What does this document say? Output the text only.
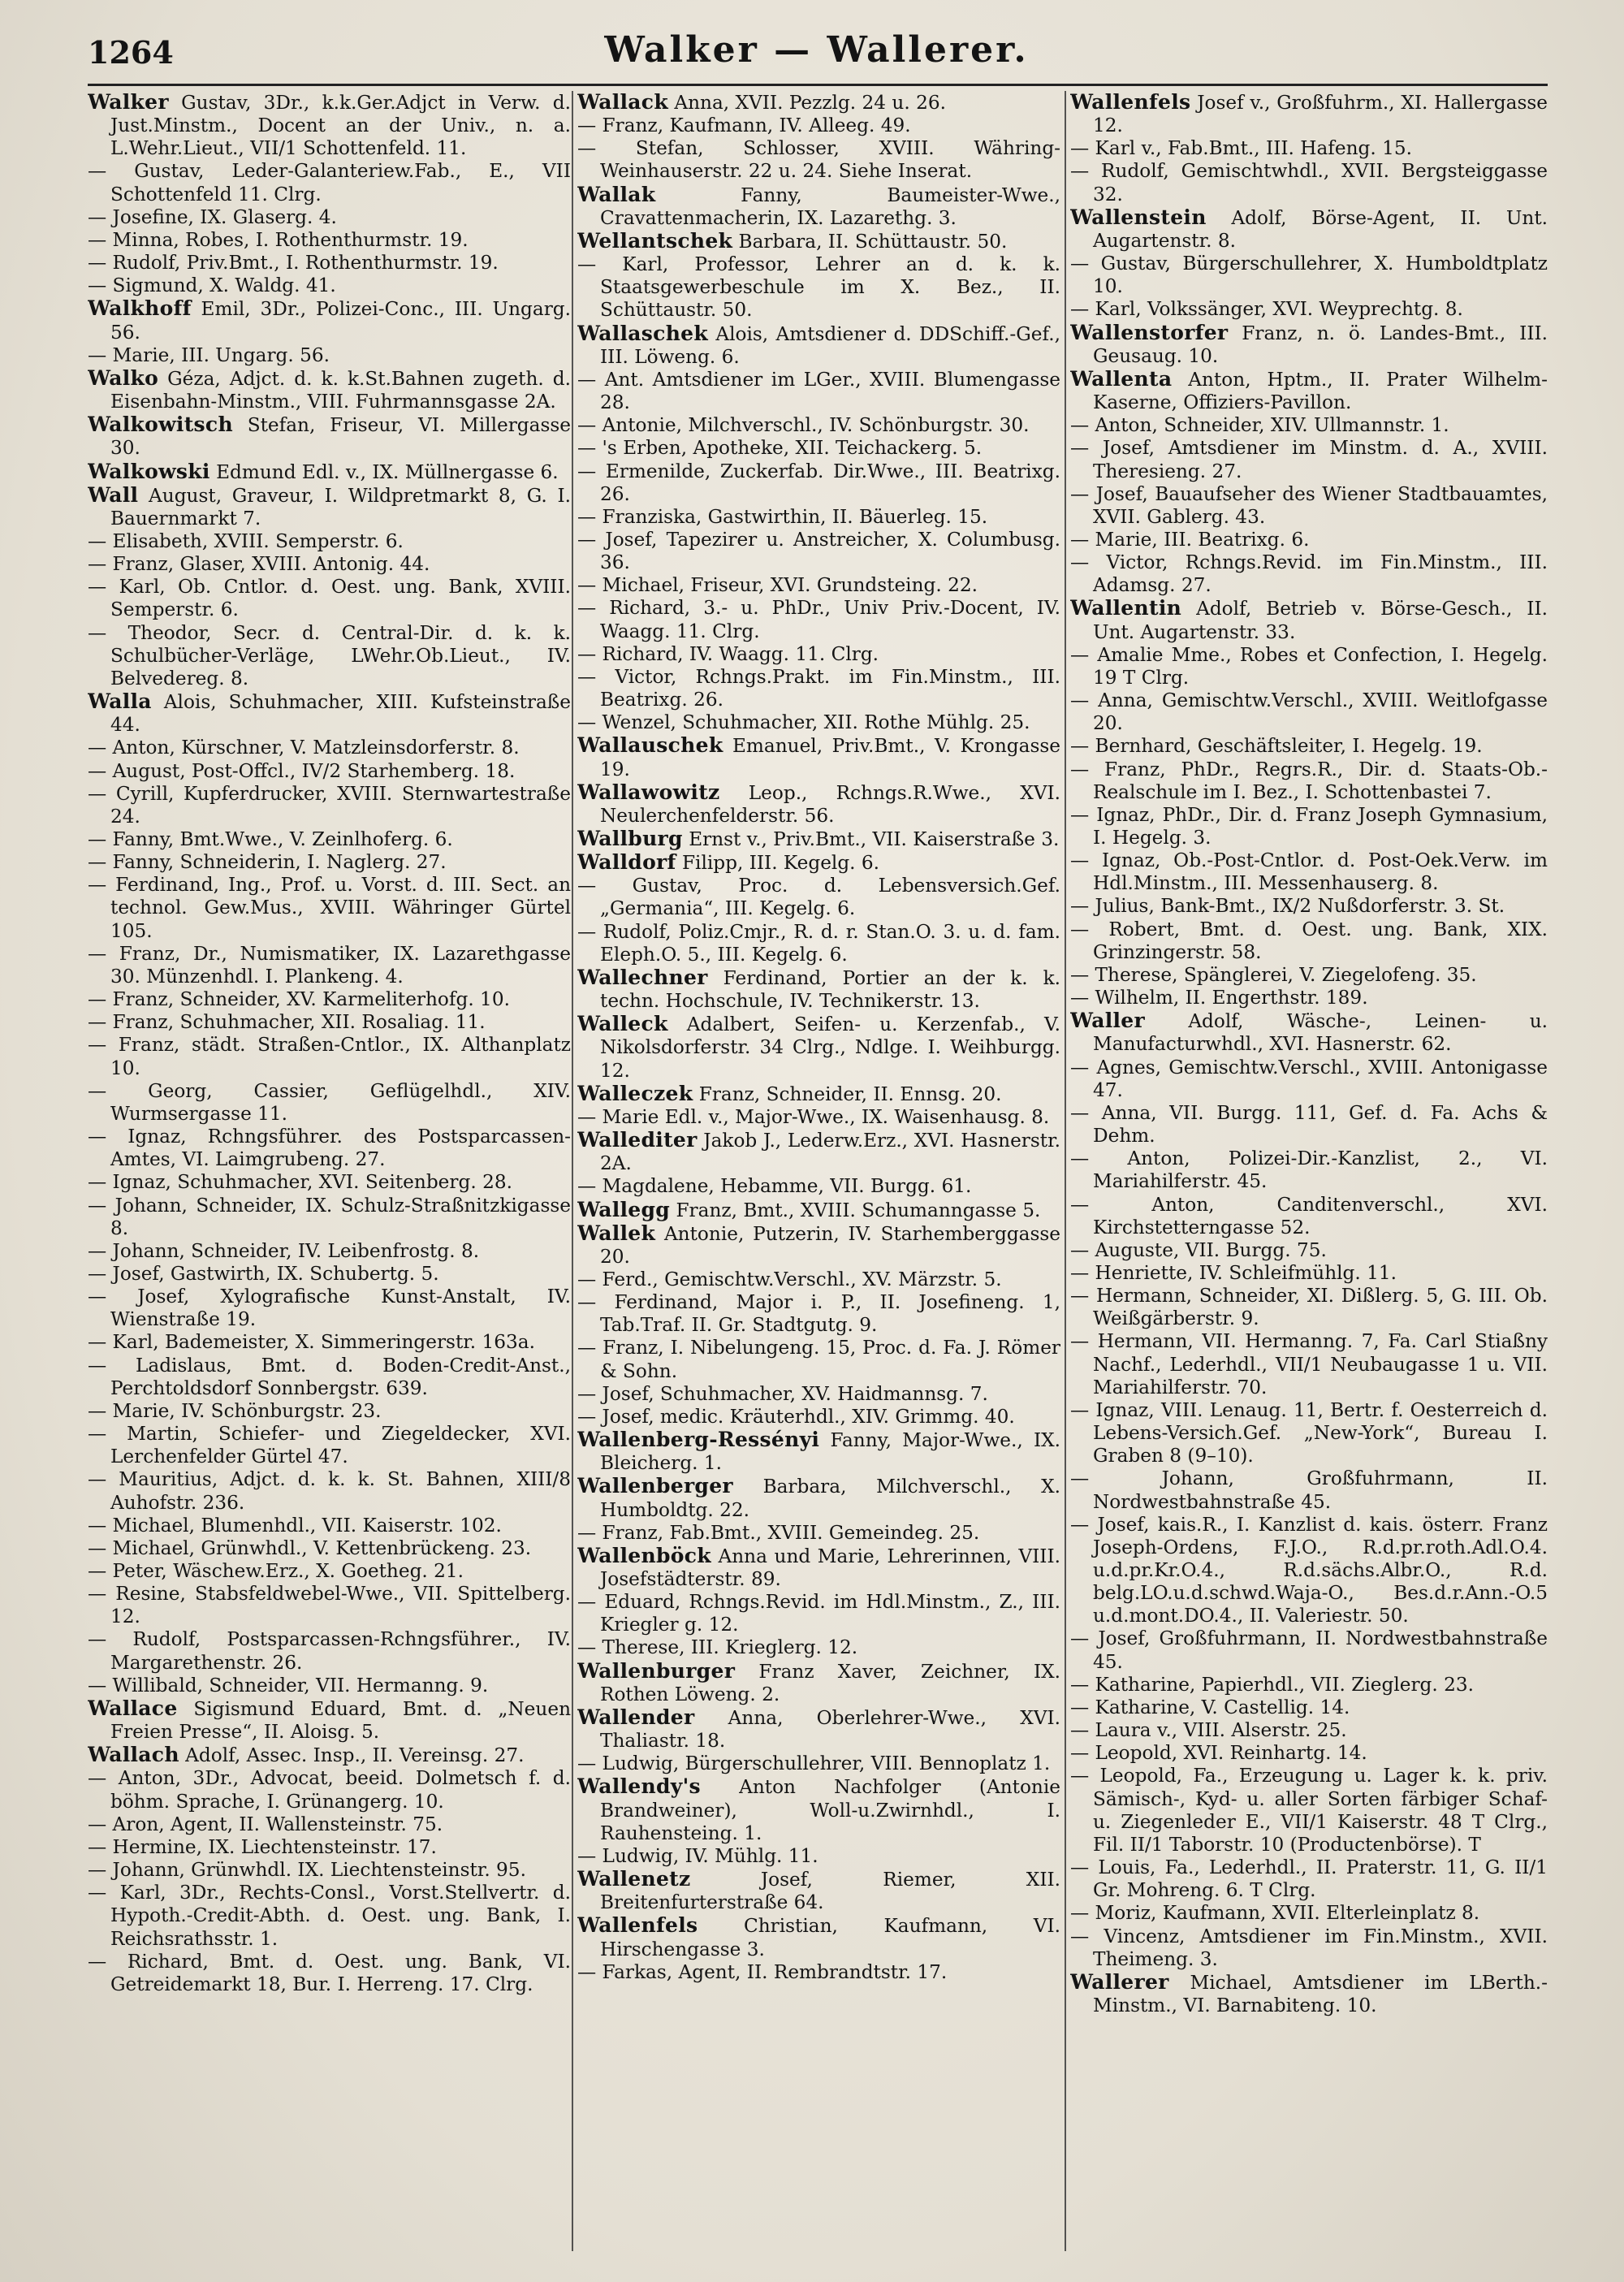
1264	Walker — Wallerer.

Walker Gustav, 3Dr., k.k.Ger.Adjct in Verw. d. Just.Minstm., Docent an der Univ., n. a. L.Wehr.Lieut., VII/1 Schottenfeld. 11.

— Gustav, Leder-Galanteriew.Fab., E., VII Schottenfeld 11. Clrg.

— Josefine, IX. Glaserg. 4.

— Minna, Robes, I. Rothenthurmstr. 19.

— Rudolf, Priv.Bmt., I. Rothenthurmstr. 19.

— Sigmund, X. Waldg. 41.

Walkhoff Emil, 3Dr., Polizei-Conc., III. Ungarg. 56.

— Marie, III. Ungarg. 56.

Walko Géza, Adjct. d. k. k.St.Bahnen zugeth. d. Eisenbahn-Minstm., VIII. Fuhrmannsgasse 2A.

Walkowitsch Stefan, Friseur, VI. Millergasse 30.

Walkowski Edmund Edl. v., IX. Müllnergasse 6.

Wall August, Graveur, I. Wildpretmarkt 8, G. I. Bauernmarkt 7.

— Elisabeth, XVIII. Semperstr. 6.

— Franz, Glaser, XVIII. Antonig. 44.

— Karl, Ob. Cntlor. d. Oest. ung. Bank, XVIII. Semperstr. 6.

— Theodor, Secr. d. Central-Dir. d. k. k. Schulbücher-Verläge, LWehr.Ob.Lieut., IV. Belvedereg. 8.

Walla Alois, Schuhmacher, XIII. Kufsteinstraße 44.

— Anton, Kürschner, V. Matzleinsdorferstr. 8.

— August, Post-Offcl., IV/2 Starhemberg. 18.

— Cyrill, Kupferdrucker, XVIII. Sternwartestraße 24.

— Fanny, Bmt.Wwe., V. Zeinlhoferg. 6.

— Fanny, Schneiderin, I. Naglerg. 27.

— Ferdinand, Ing., Prof. u. Vorst. d. III. Sect. an technol. Gew.Mus., XVIII. Währinger Gürtel 105.

— Franz, Dr., Numismatiker, IX. Lazarethgasse 30. Münzenhdl. I. Plankeng. 4.

— Franz, Schneider, XV. Karmeliterhofg. 10.

— Franz, Schuhmacher, XII. Rosaliag. 11.

— Franz, städt. Straßen-Cntlor., IX. Althanplatz 10.

— Georg, Cassier, Geflügelhdl., XIV. Wurmsergasse 11.

— Ignaz, Rchngsführer. des Postsparcassen-Amtes, VI. Laimgrubeng. 27.

— Ignaz, Schuhmacher, XVI. Seitenberg. 28.

— Johann, Schneider, IX. Schulz-Straßnitzkigasse 8.

— Johann, Schneider, IV. Leibenfrostg. 8.

— Josef, Gastwirth, IX. Schubertg. 5.

— Josef, Xylografische Kunst-Anstalt, IV. Wienstraße 19.

— Karl, Bademeister, X. Simmeringerstr. 163a.

— Ladislaus, Bmt. d. Boden-Credit-Anst., Perchtoldsdorf Sonnbergstr. 639.

— Marie, IV. Schönburgstr. 23.

— Martin, Schiefer- und Ziegeldecker, XVI. Lerchenfelder Gürtel 47.

— Mauritius, Adjct. d. k. k. St. Bahnen, XIII/8 Auhofstr. 236.

— Michael, Blumenhdl., VII. Kaiserstr. 102.

— Michael, Grünwhdl., V. Kettenbrückeng. 23.

— Peter, Wäschew.Erz., X. Goetheg. 21.

— Resine, Stabsfeldwebel-Wwe., VII. Spittelberg. 12.

— Rudolf, Postsparcassen-Rchngsführer., IV. Margarethenstr. 26.

— Willibald, Schneider, VII. Hermanng. 9.

Wallace Sigismund Eduard, Bmt. d. „Neuen Freien Presse“, II. Aloisg. 5.

Wallach Adolf, Assec. Insp., II. Vereinsg. 27.

— Anton, 3Dr., Advocat, beeid. Dolmetsch f. d. böhm. Sprache, I. Grünangerg. 10.

— Aron, Agent, II. Wallensteinstr. 75.

— Hermine, IX. Liechtensteinstr. 17.

— Johann, Grünwhdl. IX. Liechtensteinstr. 95.

— Karl, 3Dr., Rechts-Consl., Vorst.Stellvertr. d. Hypoth.-Credit-Abth. d. Oest. ung. Bank, I. Reichsrathsstr. 1.

— Richard, Bmt. d. Oest. ung. Bank, VI. Getreidemarkt 18, Bur. I. Herreng. 17. Clrg.

Wallack Anna, XVII. Pezzlg. 24 u. 26.

— Franz, Kaufmann, IV. Alleeg. 49.

— Stefan, Schlosser, XVIII. Währing-Weinhauserstr. 22 u. 24. Siehe Inserat.

Wallak	Fanny, Baumeister-Wwe., Cravattenmacherin, IX. Lazarethg. 3.

Wellantschek Barbara, II. Schüttaustr. 50.

— Karl, Professor, Lehrer an d. k. k. Staatsgewerbeschule im X. Bez., II. Schüttaustr. 50.

Wallaschek Alois, Amtsdiener d. DDSchiff.-Gef., III. Löweng. 6.

— Ant. Amtsdiener im LGer., XVIII. Blumengasse 28.

— Antonie, Milchverschl., IV. Schönburgstr. 30.

— 's Erben, Apotheke, XII. Teichackerg. 5.

— Ermenilde, Zuckerfab. Dir.Wwe., III. Beatrixg. 26.

— Franziska, Gastwirthin, II. Bäuerleg. 15.

— Josef, Tapezirer u. Anstreicher, X. Columbusg. 36.

— Michael, Friseur, XVI. Grundsteing. 22.

— Richard, 3.- u. PhDr., Univ Priv.-Docent, IV. Waagg. 11. Clrg.

— Richard, IV. Waagg. 11. Clrg.

— Victor, Rchngs.Prakt. im Fin.Minstm., III. Beatrixg. 26.

— Wenzel, Schuhmacher, XII. Rothe Mühlg. 25.

Wallauschek Emanuel, Priv.Bmt., V. Krongasse 19.

Wallawowitz Leop., Rchngs.R.Wwe., XVI. Neulerchenfelderstr. 56.

Wallburg Ernst v., Priv.Bmt., VII. Kaiserstraße 3.

Walldorf Filipp, III. Kegelg. 6.

— Gustav, Proc. d. Lebensversich.Gef. „Germania“, III. Kegelg. 6.

— Rudolf, Poliz.Cmjr., R. d. r. Stan.O. 3. u. d. fam. Eleph.O. 5., III. Kegelg. 6.

Wallechner Ferdinand, Portier an der k. k. techn. Hochschule, IV. Technikerstr. 13.

Walleck Adalbert, Seifen- u. Kerzenfab., V. Nikolsdorferstr. 34 Clrg., Ndlge. I. Weihburgg. 12.

Walleczek Franz, Schneider, II. Ennsg. 20.

— Marie Edl. v., Major-Wwe., IX. Waisenhausg. 8.

Wallediter Jakob J., Lederw.Erz., XVI. Hasnerstr. 2A.

— Magdalene, Hebamme, VII. Burgg. 61.

Wallegg Franz, Bmt., XVIII. Schumanngasse 5.

Wallek Antonie, Putzerin, IV. Starhemberggasse 20.

— Ferd., Gemischtw.Verschl., XV. Märzstr. 5.

— Ferdinand, Major i. P., II. Josefineng. 1, Tab.Traf. II. Gr. Stadtgutg. 9.

— Franz, I. Nibelungeng. 15, Proc. d. Fa. J. Römer & Sohn.

— Josef, Schuhmacher, XV. Haidmannsg. 7.

— Josef, medic. Kräuterhdl., XIV. Grimmg. 40.

Wallenberg-Ressényi Fanny, Major-Wwe., IX. Bleicherg. 1.

Wallenberger Barbara, Milchverschl., X. Humboldtg. 22.

— Franz, Fab.Bmt., XVIII. Gemeindeg. 25.

Wallenböck Anna und Marie, Lehrerinnen, VIII. Josefstädterstr. 89.

— Eduard, Rchngs.Revid. im Hdl.Minstm., Z., III. Kriegler g. 12.

— Therese, III. Krieglerg. 12.

Wallenburger Franz Xaver, Zeichner, IX. Rothen Löweng. 2.

Wallender Anna, Oberlehrer-Wwe., XVI. Thaliastr. 18.

— Ludwig, Bürgerschullehrer, VIII. Bennoplatz 1.

Wallendy's Anton Nachfolger (Antonie Brandweiner), Woll-u.Zwirnhdl., I. Rauhensteing. 1.

— Ludwig, IV. Mühlg. 11.

Wallenetz	Josef, Riemer, XII. Breitenfurterstraße 64.

Wallenfels Christian, Kaufmann, VI. Hirschengasse 3.

— Farkas, Agent, II. Rembrandtstr. 17.

Wallenfels Josef v., Großfuhrm., XI. Hallergasse 12.

— Karl v., Fab.Bmt., III. Hafeng. 15.

— Rudolf, Gemischtwhdl., XVII. Bergsteiggasse 32.

Wallenstein Adolf, Börse-Agent, II. Unt. Augartenstr. 8.

— Gustav, Bürgerschullehrer, X. Humboldtplatz 10.

— Karl, Volkssänger, XVI. Weyprechtg. 8.

Wallenstorfer Franz, n. ö. Landes-Bmt., III. Geusaug. 10.

Wallenta Anton, Hptm., II. Prater Wilhelm-Kaserne, Offiziers-Pavillon.

— Anton, Schneider, XIV. Ullmannstr. 1.

— Josef, Amtsdiener im Minstm. d. A., XVIII. Theresieng. 27.

— Josef, Bauaufseher des Wiener Stadtbauamtes, XVII. Gablerg. 43.

— Marie, III. Beatrixg. 6.

— Victor, Rchngs.Revid. im Fin.Minstm., III. Adamsg. 27.

Wallentin Adolf, Betrieb v. Börse-Gesch., II. Unt. Augartenstr. 33.

— Amalie Mme., Robes et Confection, I. Hegelg. 19 T Clrg.

— Anna, Gemischtw.Verschl., XVIII. Weitlofgasse 20.

— Bernhard, Geschäftsleiter, I. Hegelg. 19.

— Franz, PhDr., Regrs.R., Dir. d. Staats-Ob.-Realschule im I. Bez., I. Schottenbastei 7.

— Ignaz, PhDr., Dir. d. Franz Joseph Gymnasium, I. Hegelg. 3.

— Ignaz, Ob.-Post-Cntlor. d. Post-Oek.Verw. im Hdl.Minstm., III. Messenhauserg. 8.

— Julius, Bank-Bmt., IX/2 Nußdorferstr. 3. St.

— Robert, Bmt. d. Oest. ung. Bank, XIX. Grinzingerstr. 58.

— Therese, Spänglerei, V. Ziegelofeng. 35.

— Wilhelm, II. Engerthstr. 189.

Waller Adolf, Wäsche-, Leinen- u. Manufacturwhdl., XVI. Hasnerstr. 62.

— Agnes, Gemischtw.Verschl., XVIII. Antonigasse 47.

— Anna, VII. Burgg. 111, Gef. d. Fa. Achs & Dehm.

— Anton, Polizei-Dir.-Kanzlist, 2., VI. Mariahilferstr. 45.

— Anton, Canditenverschl., XVI. Kirchstetterngasse 52.

— Auguste, VII. Burgg. 75.

— Henriette, IV. Schleifmühlg. 11.

— Hermann, Schneider, XI. Dißlerg. 5, G. III. Ob. Weißgärberstr. 9.

— Hermann, VII. Hermanng. 7, Fa. Carl Stiaßny Nachf., Lederhdl., VII/1 Neubaugasse 1 u. VII. Mariahilferstr. 70.

— Ignaz, VIII. Lenaug. 11, Bertr. f. Oesterreich d. Lebens-Versich.Gef. „New-York“, Bureau I. Graben 8 (9–10).

— Johann, Großfuhrmann, II. Nordwestbahnstraße 45.

— Josef, kais.R., I. Kanzlist d. kais. österr. Franz Joseph-Ordens, F.J.O., R.d.pr.roth.Adl.O.4. u.d.pr.Kr.O.4., R.d.sächs.Albr.O., R.d. belg.LO.u.d.schwd.Waja-O., Bes.d.r.Ann.-O.5 u.d.mont.DO.4., II. Valeriestr. 50.

— Josef, Großfuhrmann, II. Nordwestbahnstraße 45.

— Katharine, Papierhdl., VII. Zieglerg. 23.

— Katharine, V. Castellig. 14.

— Laura v., VIII. Alserstr. 25.

— Leopold, XVI. Reinhartg. 14.

— Leopold, Fa., Erzeugung u. Lager k. k. priv. Sämisch-, Kyd- u. aller Sorten färbiger Schaf- u. Ziegenleder E., VII/1 Kaiserstr. 48 T Clrg., Fil. II/1 Taborstr. 10 (Productenbörse). T

— Louis, Fa., Lederhdl., II. Praterstr. 11, G. II/1 Gr. Mohreng. 6. T Clrg.

— Moriz, Kaufmann, XVII. Elterleinplatz 8.

— Vincenz, Amtsdiener im Fin.Minstm., XVII. Theimeng. 3.

Wallerer Michael, Amtsdiener im LBerth.-Minstm., VI. Barnabiteng. 10.
